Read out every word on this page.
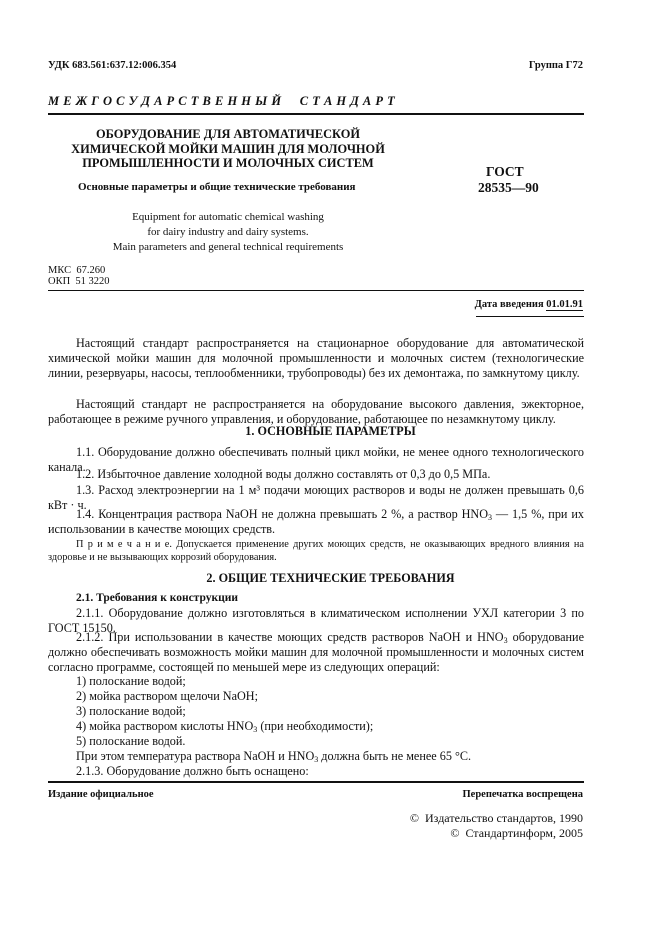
УДК 683.561:637.12:006.354	Группа Г72
М Е Ж Г О С У Д А Р С Т В Е Н Н Ы Й     С Т А Н Д А Р Т
ОБОРУДОВАНИЕ ДЛЯ АВТОМАТИЧЕСКОЙ
ХИМИЧЕСКОЙ МОЙКИ МАШИН ДЛЯ МОЛОЧНОЙ
ПРОМЫШЛЕННОСТИ И МОЛОЧНЫХ СИСТЕМ
Основные параметры и общие технические требования
Equipment for automatic chemical washing
for dairy industry and dairy systems.
Main parameters and general technical requirements
ГОСТ
28535—90
МКС  67.260
ОКП  51 3220
Дата введения 01.01.91
Настоящий стандарт распространяется на стационарное оборудование для автоматической химической мойки машин для молочной промышленности и молочных систем (технологические линии, резервуары, насосы, теплообменники, трубопроводы) без их демонтажа, по замкнутому циклу.
Настоящий стандарт не распространяется на оборудование высокого давления, эжекторное, работающее в режиме ручного управления, и оборудование, работающее по незамкнутому циклу.
1. ОСНОВНЫЕ ПАРАМЕТРЫ
1.1. Оборудование должно обеспечивать полный цикл мойки, не менее одного технологического канала.
1.2. Избыточное давление холодной воды должно составлять от 0,3 до 0,5 МПа.
1.3. Расход электроэнергии на 1 м³ подачи моющих растворов и воды не должен превышать 0,6 кВт · ч.
1.4. Концентрация раствора NaOH не должна превышать 2 %, а раствор $HNO_3$ — 1,5 %, при их использовании в качестве моющих средств.
П р и м е ч а н и е. Допускается применение других моющих средств, не оказывающих вредного влияния на здоровье и не вызывающих коррозий оборудования.
2. ОБЩИЕ ТЕХНИЧЕСКИЕ ТРЕБОВАНИЯ
2.1. Требования к конструкции
2.1.1. Оборудование должно изготовляться в климатическом исполнении УХЛ категории 3 по ГОСТ 15150.
2.1.2. При использовании в качестве моющих средств растворов NaOH и $HNO_3$ оборудование должно обеспечивать возможность мойки машин для молочной промышленности и молочных систем согласно программе, состоящей по меньшей мере из следующих операций:
1) полоскание водой;
2) мойка раствором щелочи NaOH;
3) полоскание водой;
4) мойка раствором кислоты $HNO_3$ (при необходимости);
5) полоскание водой.
При этом температура раствора NaOH и $HNO_3$ должна быть не менее 65 °С.
2.1.3. Оборудование должно быть оснащено:
Издание официальное	Перепечатка воспрещена
©  Издательство стандартов, 1990
©  Стандартинформ, 2005
